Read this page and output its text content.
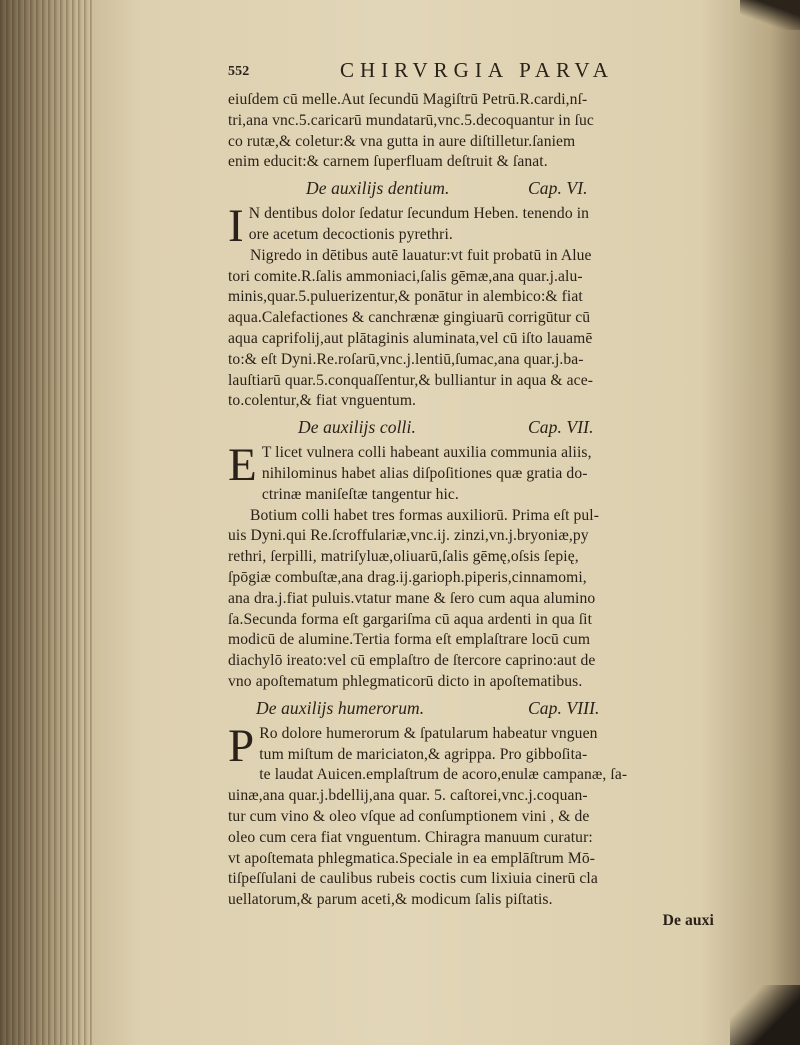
552	CHIRVRGIA PARVA
eiuſdem cū melle.Aut ſecundū Magiſtrū Petrū.R.cardi,nſ-
tri,ana vnc.5.caricarū mundatarū,vnc.5.decoquantur in ſuc
co rutæ,& coletur:& vna gutta in aure diſtilletur.ſaniem
enim educit:& carnem ſuperfluam deſtruit & ſanat.
De auxilijs dentium.	Cap. VI.
I N dentibus dolor ſedatur ſecundum Heben. tenendo in
ore acetum decoctionis pyrethri.
Nigredo in dētibus autē lauatur:vt fuit probatū in Alue
tori comite.R.ſalis ammoniaci,ſalis gēmæ,ana quar.j.alu-
minis,quar.5.puluerizentur,& ponātur in alembico:& fiat
aqua.Calefactiones & canchrænæ gingiuarū corrigūtur cū
aqua caprifolij,aut plātaginis aluminata,vel cū iſto lauamē
to:& eſt Dyni.Re.roſarū,vnc.j.lentiū,ſumac,ana quar.j.ba-
lauſtiarū quar.5.conquaſſentur,& bulliantur in aqua & ace-
to.colentur,& fiat vnguentum.
De auxilijs colli.	Cap. VII.
E T licet vulnera colli habeant auxilia communia aliis,
nihilominus habet alias diſpoſitiones quæ gratia do-
ctrinæ maniſeſtæ tangentur hic.
Botium colli habet tres formas auxiliorū. Prima eſt pul-
uis Dyni.qui Re.ſcroffulariæ,vnc.ij. zinzi,vn.j.bryoniæ,py
rethri, ſerpilli, matriſyluæ,oliuarū,ſalis gēmę,oſsis ſepię,
ſpōgiæ combuſtæ,ana drag.ij.garioph.piperis,cinnamomi,
ana dra.j.fiat puluis.vtatur mane & ſero cum aqua alumino
ſa.Secunda forma eſt gargariſma cū aqua ardenti in qua ſit
modicū de alumine.Tertia forma eſt emplaſtrare locū cum
diachylō ireato:vel cū emplaſtro de ſtercore caprino:aut de
vno apoſtematum phlegmaticorū dicto in apoſtematibus.
De auxilijs humerorum.	Cap. VIII.
P Ro dolore humerorum & ſpatularum habeatur vnguen
tum miſtum de mariciaton,& agrippa. Pro gibboſita-
te laudat Auicen.emplaſtrum de acoro,enulæ campanæ, ſa-
uinæ,ana quar.j.bdellij,ana quar. 5. caſtorei,vnc.j.coquan-
tur cum vino & oleo vſque ad conſumptionem vini , & de
oleo cum cera fiat vnguentum. Chiragra manuum curatur:
vt apoſtemata phlegmatica.Speciale in ea emplāſtrum Mō-
tiſpeſſulani de caulibus rubeis coctis cum lixiuia cinerū cla
uellatorum,& parum aceti,& modicum ſalis piſtatis.
De auxi
